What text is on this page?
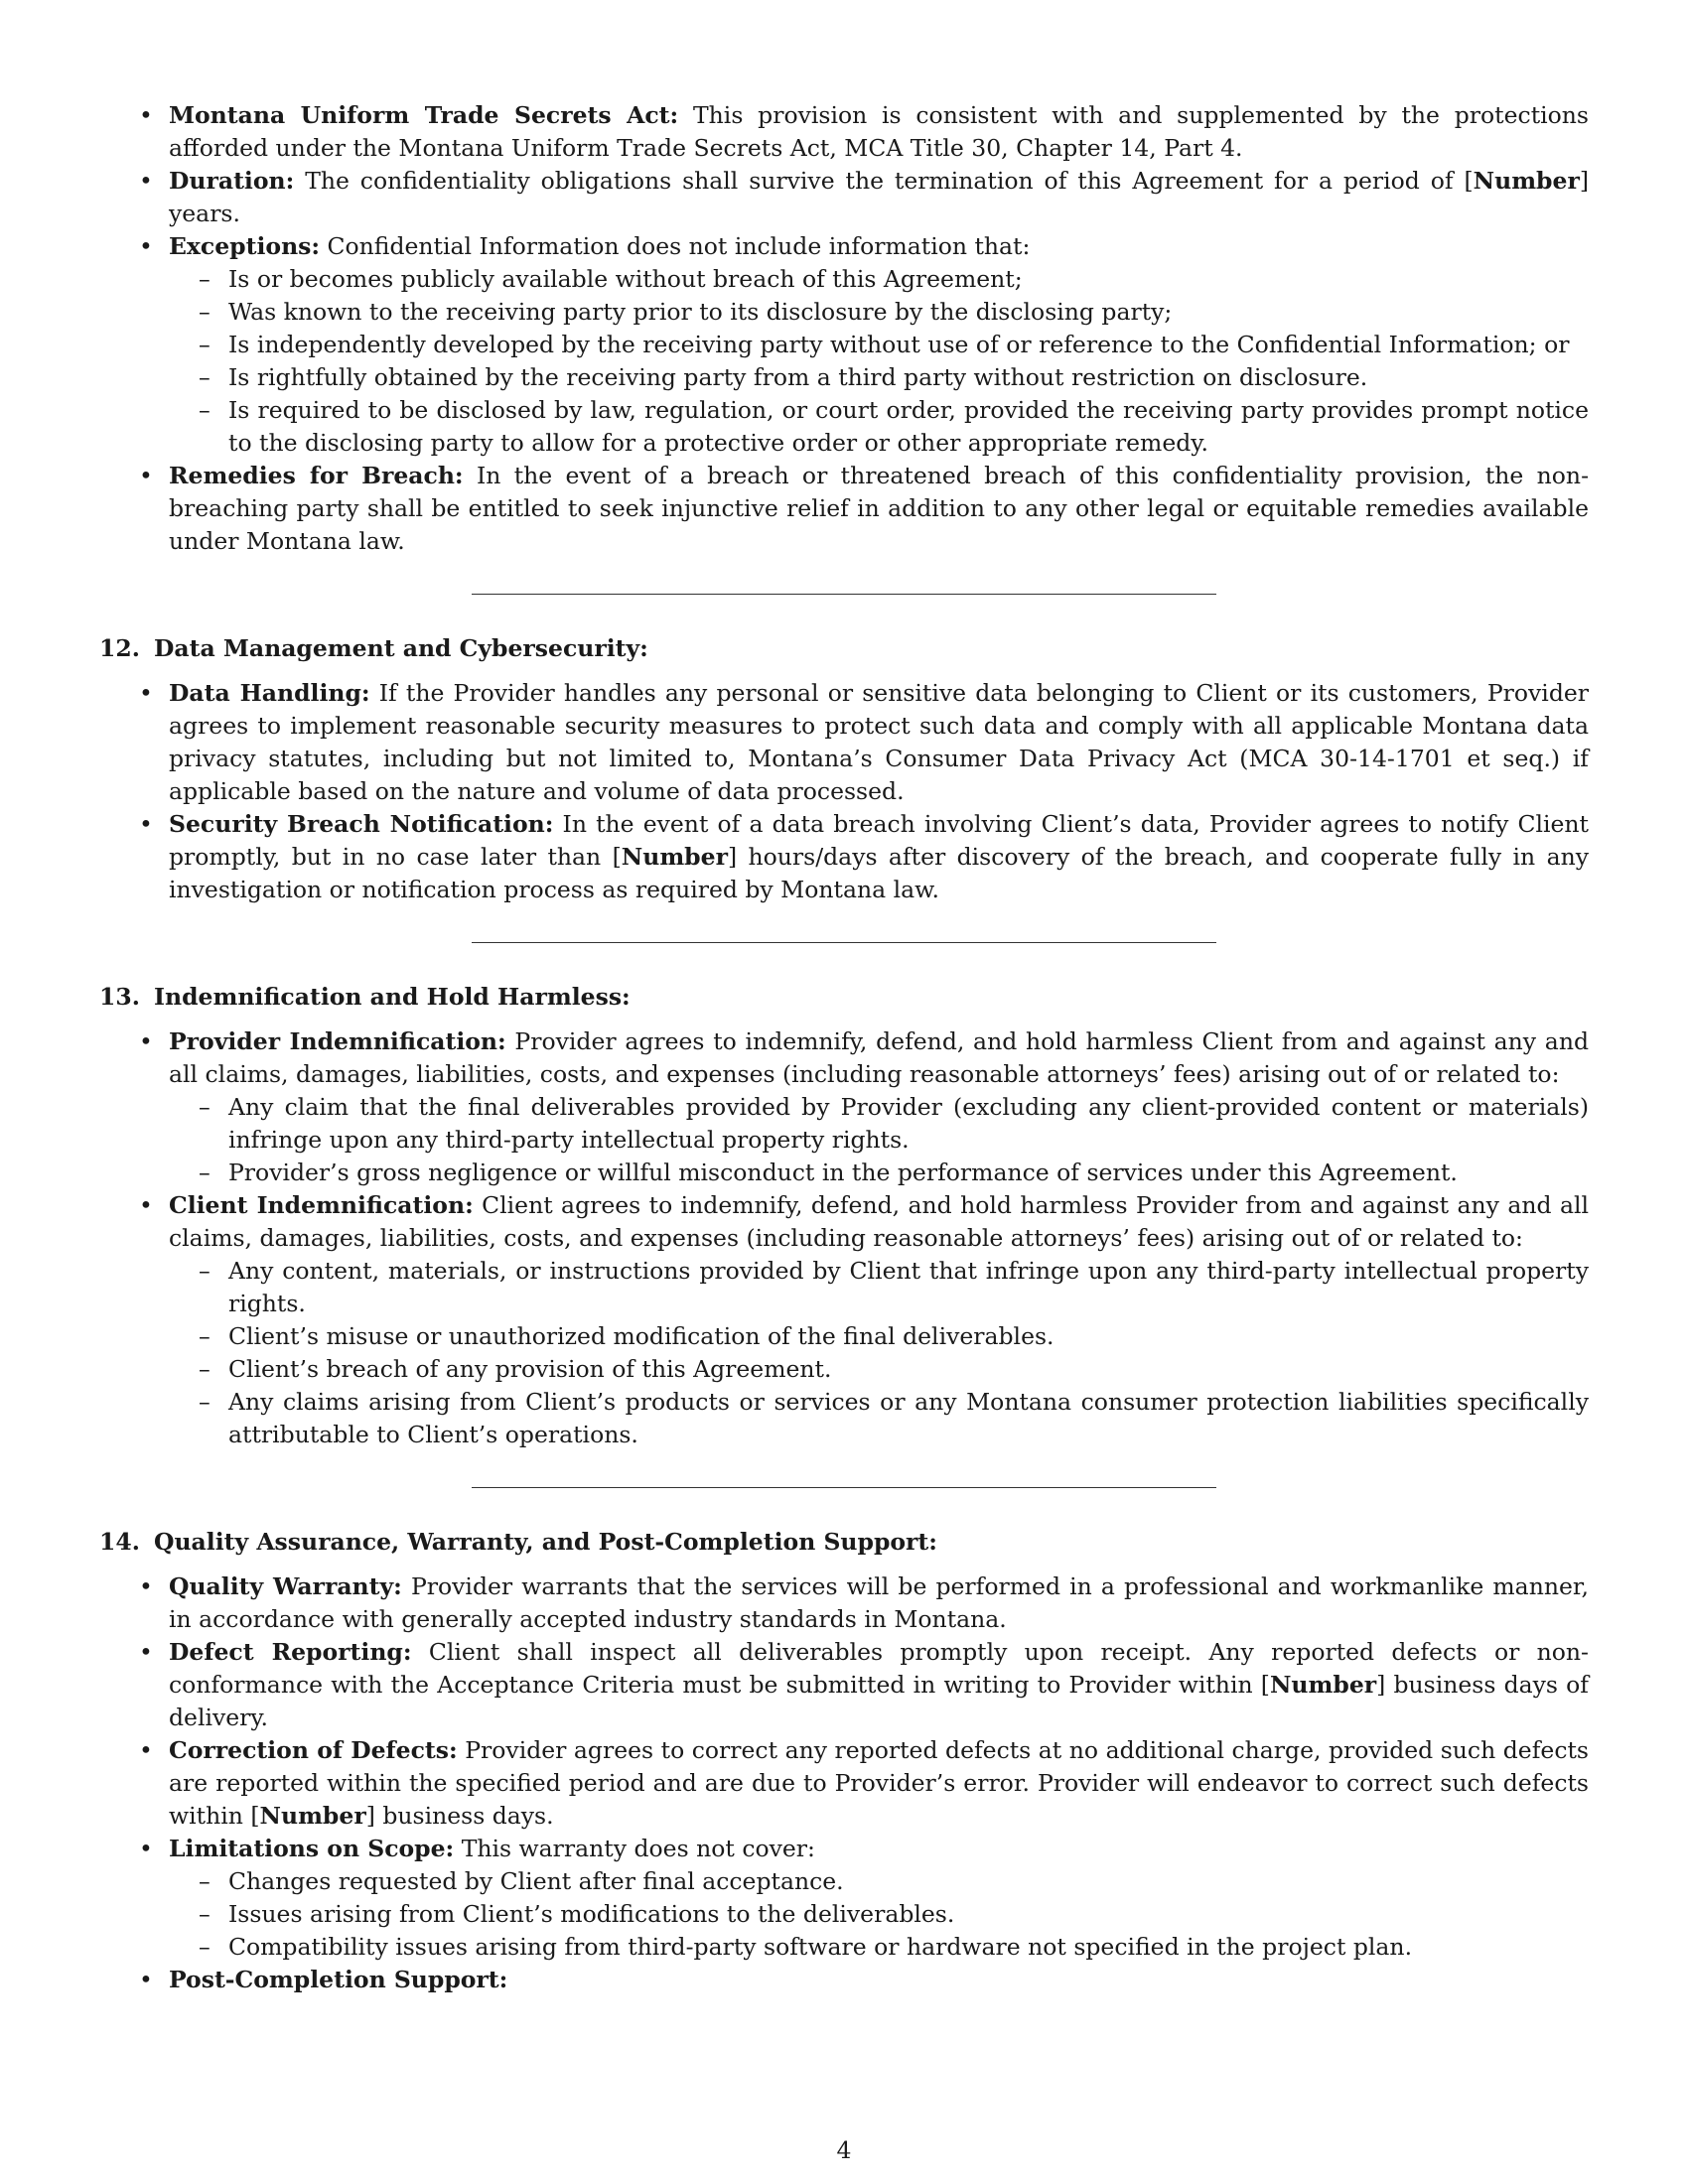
• Montana Uniform Trade Secrets Act: This provision is consistent with and supplemented by the protections afforded under the Montana Uniform Trade Secrets Act, MCA Title 30, Chapter 14, Part 4.
• Duration: The confidentiality obligations shall survive the termination of this Agreement for a period of [Number] years.
• Exceptions: Confidential Information does not include information that:
– Is or becomes publicly available without breach of this Agreement;
– Was known to the receiving party prior to its disclosure by the disclosing party;
– Is independently developed by the receiving party without use of or reference to the Confidential Information; or
– Is rightfully obtained by the receiving party from a third party without restriction on disclosure.
– Is required to be disclosed by law, regulation, or court order, provided the receiving party provides prompt notice to the disclosing party to allow for a protective order or other appropriate remedy.
• Remedies for Breach: In the event of a breach or threatened breach of this confidentiality provision, the non-breaching party shall be entitled to seek injunctive relief in addition to any other legal or equitable remedies available under Montana law.
12. Data Management and Cybersecurity:
• Data Handling: If the Provider handles any personal or sensitive data belonging to Client or its customers, Provider agrees to implement reasonable security measures to protect such data and comply with all applicable Montana data privacy statutes, including but not limited to, Montana’s Consumer Data Privacy Act (MCA 30-14-1701 et seq.) if applicable based on the nature and volume of data processed.
• Security Breach Notification: In the event of a data breach involving Client’s data, Provider agrees to notify Client promptly, but in no case later than [Number] hours/days after discovery of the breach, and cooperate fully in any investigation or notification process as required by Montana law.
13. Indemnification and Hold Harmless:
• Provider Indemnification: Provider agrees to indemnify, defend, and hold harmless Client from and against any and all claims, damages, liabilities, costs, and expenses (including reasonable attorneys’ fees) arising out of or related to:
– Any claim that the final deliverables provided by Provider (excluding any client-provided content or materials) infringe upon any third-party intellectual property rights.
– Provider’s gross negligence or willful misconduct in the performance of services under this Agreement.
• Client Indemnification: Client agrees to indemnify, defend, and hold harmless Provider from and against any and all claims, damages, liabilities, costs, and expenses (including reasonable attorneys’ fees) arising out of or related to:
– Any content, materials, or instructions provided by Client that infringe upon any third-party intellectual property rights.
– Client’s misuse or unauthorized modification of the final deliverables.
– Client’s breach of any provision of this Agreement.
– Any claims arising from Client’s products or services or any Montana consumer protection liabilities specifically attributable to Client’s operations.
14. Quality Assurance, Warranty, and Post-Completion Support:
• Quality Warranty: Provider warrants that the services will be performed in a professional and workmanlike manner, in accordance with generally accepted industry standards in Montana.
• Defect Reporting: Client shall inspect all deliverables promptly upon receipt. Any reported defects or non-conformance with the Acceptance Criteria must be submitted in writing to Provider within [Number] business days of delivery.
• Correction of Defects: Provider agrees to correct any reported defects at no additional charge, provided such defects are reported within the specified period and are due to Provider’s error. Provider will endeavor to correct such defects within [Number] business days.
• Limitations on Scope: This warranty does not cover:
– Changes requested by Client after final acceptance.
– Issues arising from Client’s modifications to the deliverables.
– Compatibility issues arising from third-party software or hardware not specified in the project plan.
• Post-Completion Support:
4
